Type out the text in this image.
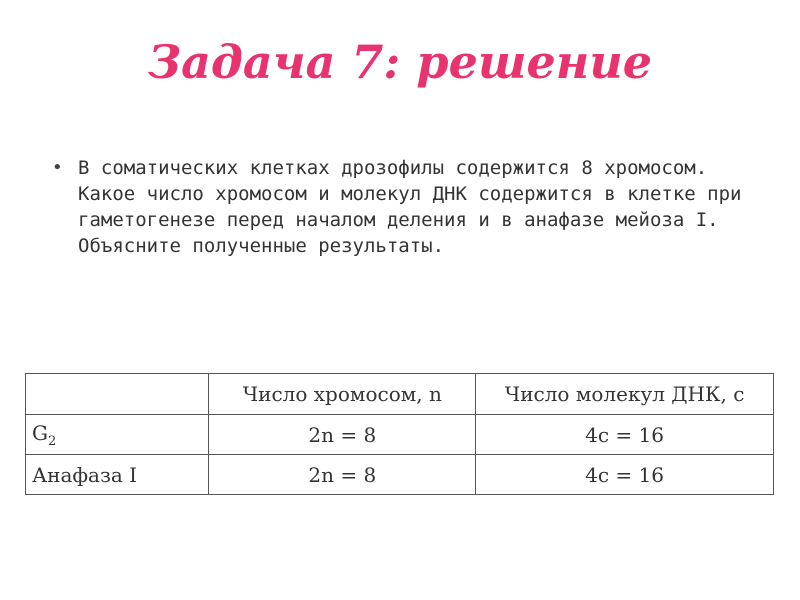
Задача 7: решение
• В соматических клетках дрозофилы содержится 8 хромосом. Какое число хромосом и молекул ДНК содержится в клетке при гаметогенезе перед началом деления и в анафазе мейоза I. Объясните полученные результаты.

	Число хромосом, n	Число молекул ДНК, c
$G_2$	2n = 8	4c = 16
Анафаза I	2n = 8	4c = 16
